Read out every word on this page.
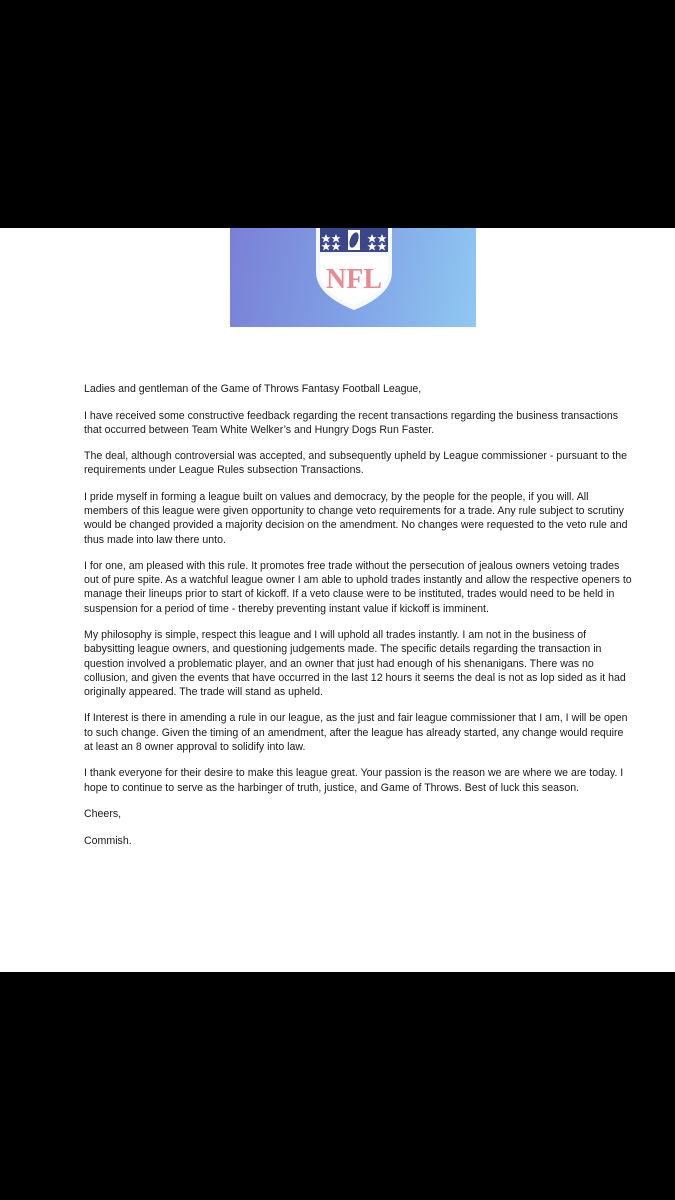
NFL

Ladies and gentleman of the Game of Throws Fantasy Football League,

I have received some constructive feedback regarding the recent transactions regarding the business transactions that occurred between Team White Welker’s and Hungry Dogs Run Faster.

The deal, although controversial was accepted, and subsequently upheld by League commissioner - pursuant to the requirements under League Rules subsection Transactions.

I pride myself in forming a league built on values and democracy, by the people for the people, if you will. All members of this league were given opportunity to change veto requirements for a trade. Any rule subject to scrutiny would be changed provided a majority decision on the amendment. No changes were requested to the veto rule and thus made into law there unto.

I for one, am pleased with this rule. It promotes free trade without the persecution of jealous owners vetoing trades out of pure spite. As a watchful league owner I am able to uphold trades instantly and allow the respective openers to manage their lineups prior to start of kickoff. If a veto clause were to be instituted, trades would need to be held in suspension for a period of time - thereby preventing instant value if kickoff is imminent.

My philosophy is simple, respect this league and I will uphold all trades instantly. I am not in the business of babysitting league owners, and questioning judgements made. The specific details regarding the transaction in question involved a problematic player, and an owner that just had enough of his shenanigans. There was no collusion, and given the events that have occurred in the last 12 hours it seems the deal is not as lop sided as it had originally appeared. The trade will stand as upheld.

If Interest is there in amending a rule in our league, as the just and fair league commissioner that I am, I will be open to such change. Given the timing of an amendment, after the league has already started, any change would require at least an 8 owner approval to solidify into law.

I thank everyone for their desire to make this league great. Your passion is the reason we are where we are today. I hope to continue to serve as the harbinger of truth, justice, and Game of Throws. Best of luck this season.

Cheers,

Commish.
